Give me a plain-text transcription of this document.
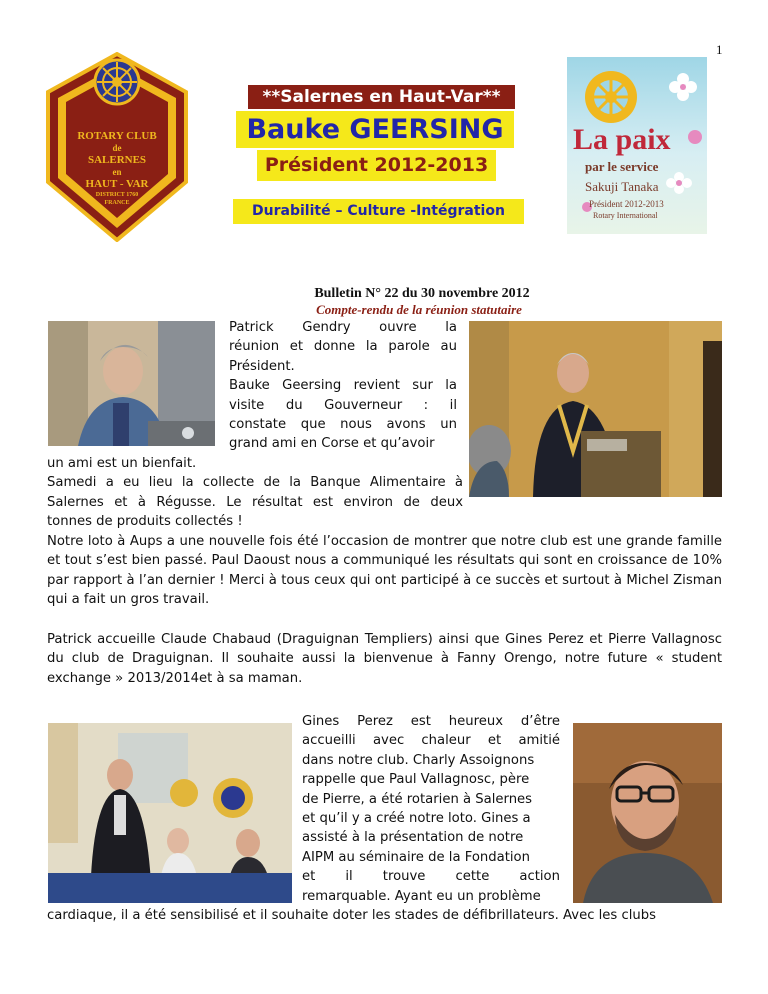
1
ROTARY CLUB
de
SALERNES
en
HAUT - VAR
DISTRICT 1760
FRANCE
**Salernes en Haut-Var**
Bauke GEERSING
Président 2012-2013
Durabilité – Culture -Intégration
La paix
par le service
Sakuji Tanaka
Président 2012-2013
Rotary International
Bulletin N° 22 du 30 novembre 2012
Compte-rendu de la réunion statutaire
Patrick Gendry ouvre la
réunion et donne la parole au
Président.
Bauke Geersing revient sur la
visite du Gouverneur : il
constate que nous avons un
grand ami en Corse et qu’avoir
un ami est un bienfait.
Samedi a eu lieu la collecte de la Banque Alimentaire à
Salernes et à Régusse. Le résultat est environ de deux
tonnes de produits collectés !

Notre loto à Aups a une nouvelle fois été l’occasion de montrer que notre club est une grande famille et tout s’est bien passé. Paul Daoust nous a communiqué les résultats qui sont en croissance de 10% par rapport à l’an dernier ! Merci à tous ceux qui ont participé à ce succès et surtout à Michel Zisman qui a fait un gros travail.

Patrick accueille Claude Chabaud (Draguignan Templiers) ainsi que Gines Perez et Pierre Vallagnosc du club de Draguignan. Il souhaite aussi la bienvenue à Fanny Orengo, notre future « student exchange » 2013/2014et à sa maman.

Gines Perez est heureux d’être
accueilli avec chaleur et amitié
dans notre club. Charly Assoignons
rappelle que Paul Vallagnosc, père
de Pierre, a été rotarien à Salernes
et qu’il y a créé notre loto. Gines a
assisté à la présentation de notre
AIPM au séminaire de la Fondation
et il trouve cette action
remarquable. Ayant eu un problème
cardiaque, il a été sensibilisé et il souhaite doter les stades de défibrillateurs. Avec les clubs
